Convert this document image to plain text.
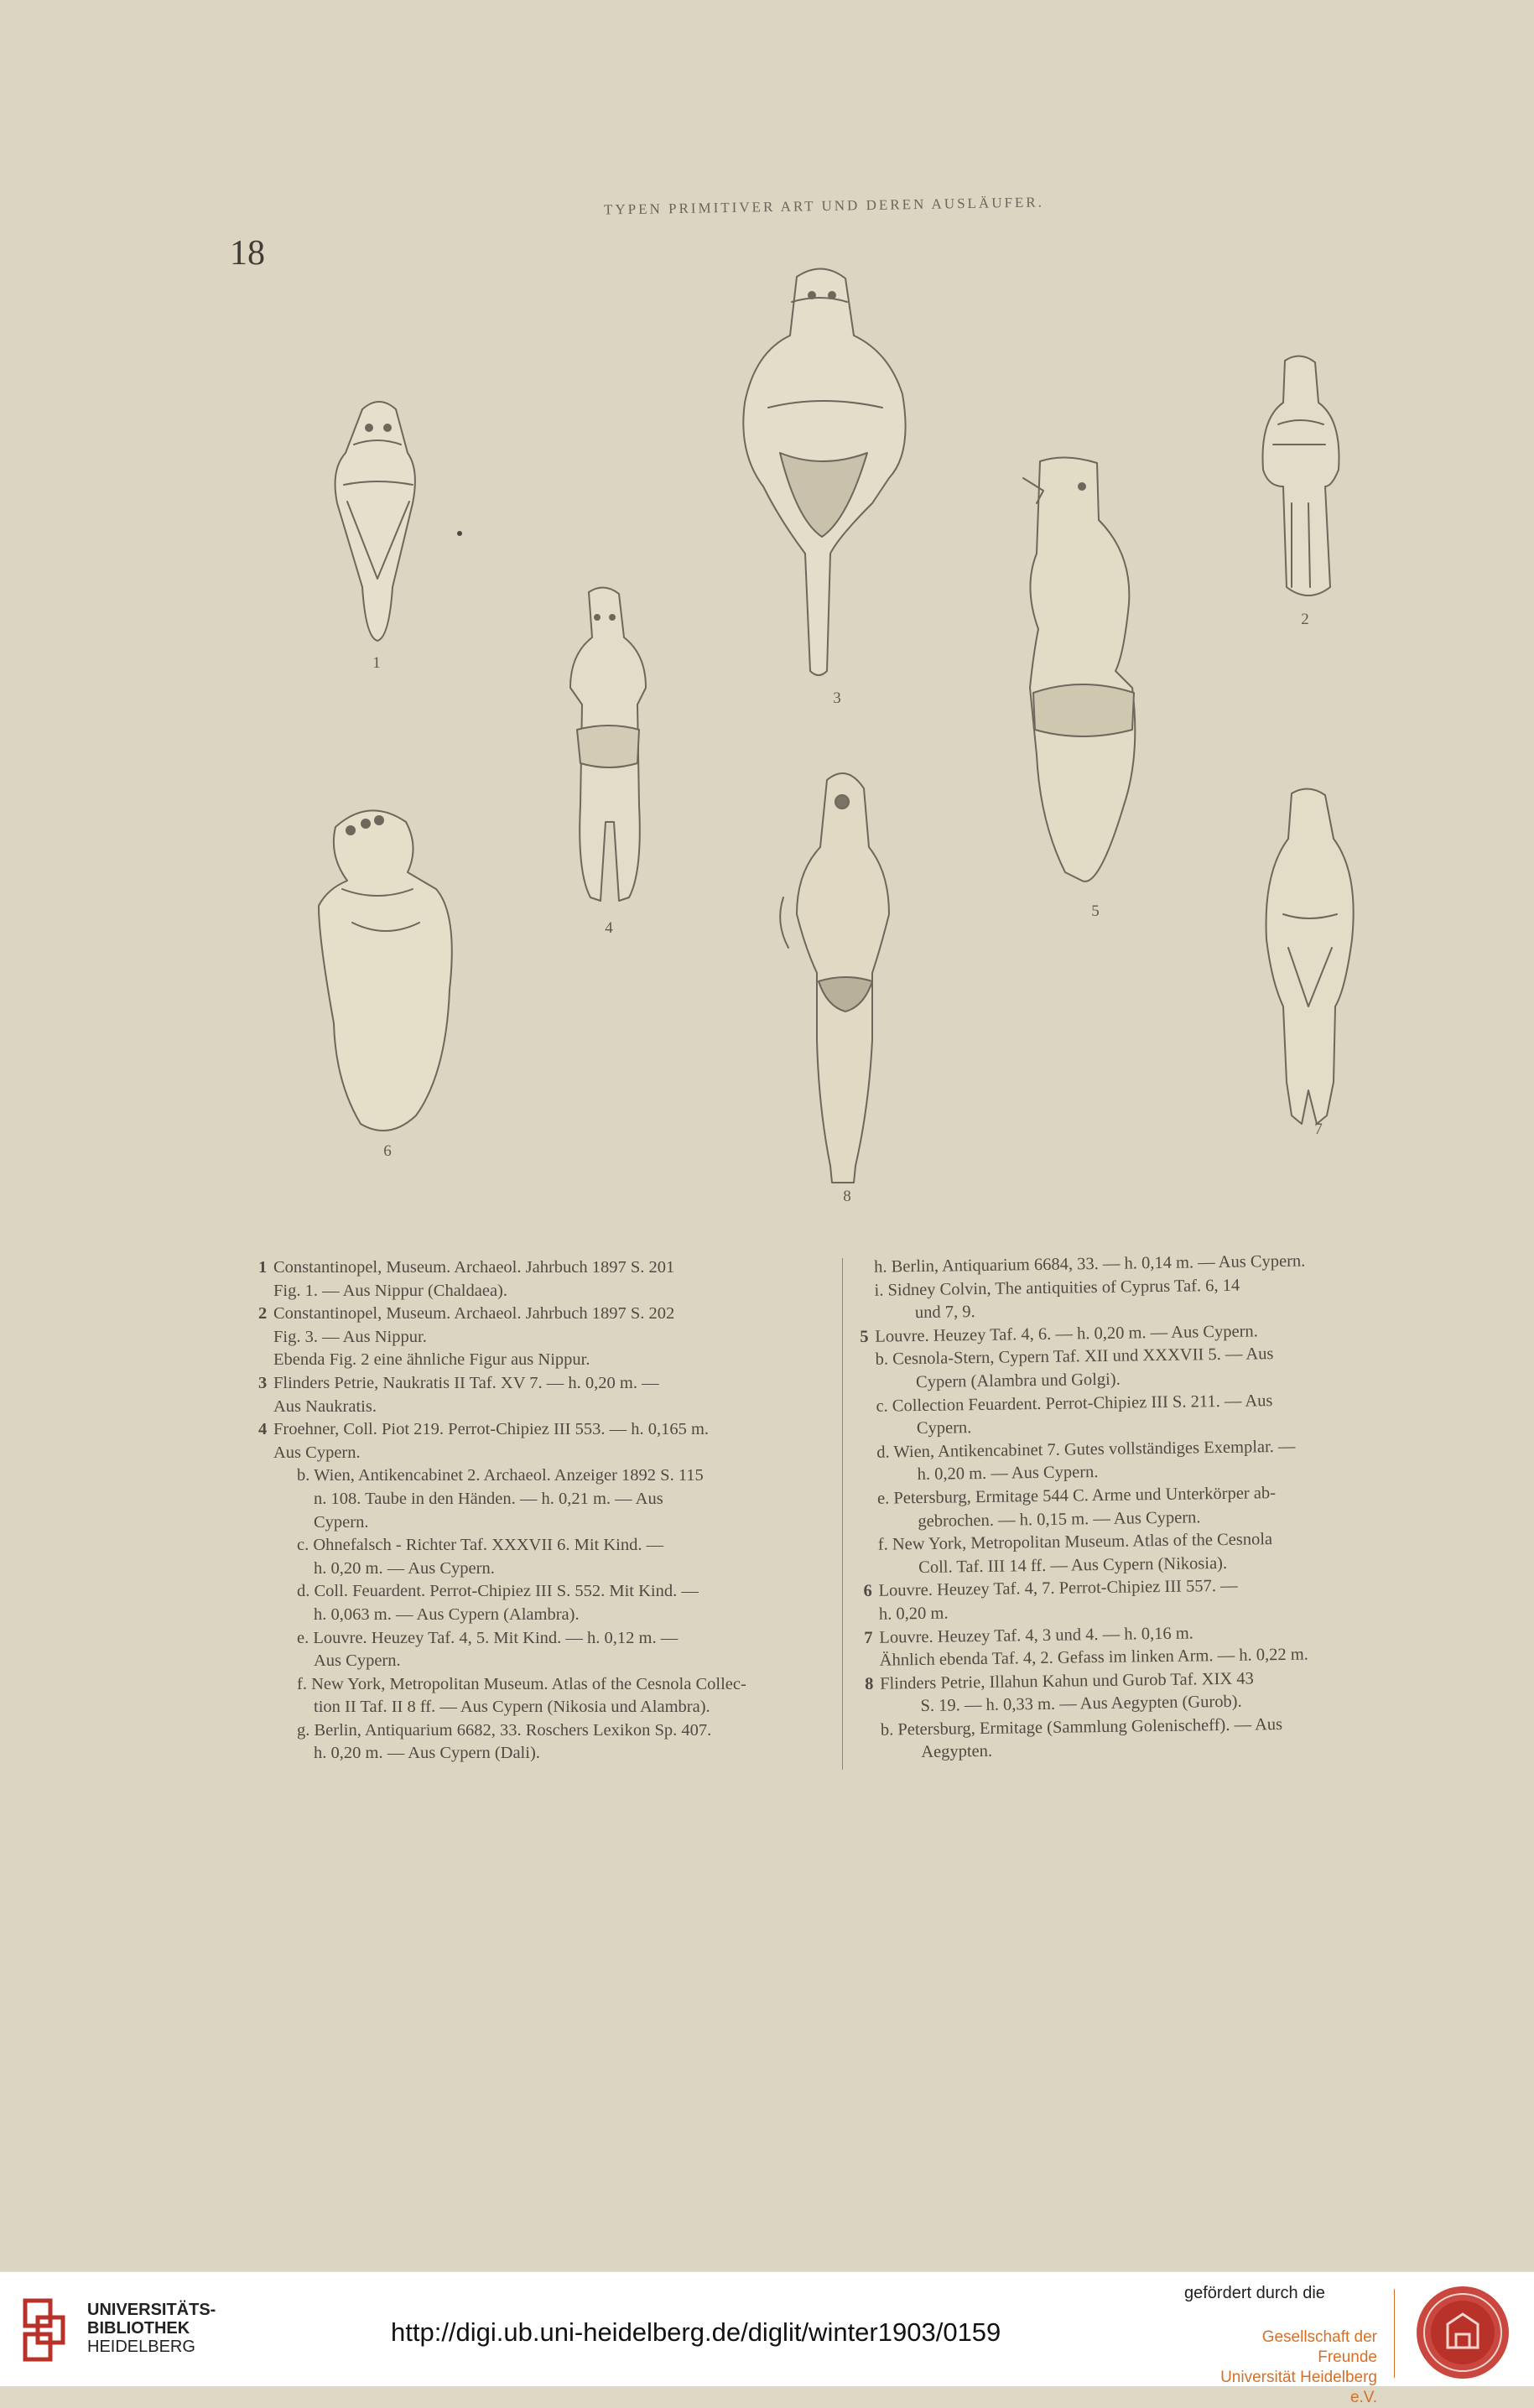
TYPEN PRIMITIVER ART UND DEREN AUSLÄUFER.
18
1
2
3
4
5
6
7
8
1 Constantinopel, Museum. Archaeol. Jahrbuch 1897 S. 201
Fig. 1. — Aus Nippur (Chaldaea).
2 Constantinopel, Museum. Archaeol. Jahrbuch 1897 S. 202
Fig. 3. — Aus Nippur.
Ebenda Fig. 2 eine ähnliche Figur aus Nippur.
3 Flinders Petrie, Naukratis II Taf. XV 7. — h. 0,20 m. —
Aus Naukratis.
4 Froehner, Coll. Piot 219. Perrot-Chipiez III 553. — h. 0,165 m.
Aus Cypern.
b. Wien, Antikencabinet 2. Archaeol. Anzeiger 1892 S. 115
n. 108. Taube in den Händen. — h. 0,21 m. — Aus
Cypern.
c. Ohnefalsch - Richter Taf. XXXVII 6. Mit Kind. —
h. 0,20 m. — Aus Cypern.
d. Coll. Feuardent. Perrot-Chipiez III S. 552. Mit Kind. —
h. 0,063 m. — Aus Cypern (Alambra).
e. Louvre. Heuzey Taf. 4, 5. Mit Kind. — h. 0,12 m. —
Aus Cypern.
f. New York, Metropolitan Museum. Atlas of the Cesnola Collec-
tion II Taf. II 8 ff. — Aus Cypern (Nikosia und Alambra).
g. Berlin, Antiquarium 6682, 33. Roschers Lexikon Sp. 407.
h. 0,20 m. — Aus Cypern (Dali).
h. Berlin, Antiquarium 6684, 33. — h. 0,14 m. — Aus Cypern.
i. Sidney Colvin, The antiquities of Cyprus Taf. 6, 14
und 7, 9.
5 Louvre. Heuzey Taf. 4, 6. — h. 0,20 m. — Aus Cypern.
b. Cesnola-Stern, Cypern Taf. XII und XXXVII 5. — Aus
Cypern (Alambra und Golgi).
c. Collection Feuardent. Perrot-Chipiez III S. 211. — Aus
Cypern.
d. Wien, Antikencabinet 7. Gutes vollständiges Exemplar. —
h. 0,20 m. — Aus Cypern.
e. Petersburg, Ermitage 544 C. Arme und Unterkörper ab-
gebrochen. — h. 0,15 m. — Aus Cypern.
f. New York, Metropolitan Museum. Atlas of the Cesnola
Coll. Taf. III 14 ff. — Aus Cypern (Nikosia).
6 Louvre. Heuzey Taf. 4, 7. Perrot-Chipiez III 557. —
h. 0,20 m.
7 Louvre. Heuzey Taf. 4, 3 und 4. — h. 0,16 m.
Ähnlich ebenda Taf. 4, 2. Gefass im linken Arm. — h. 0,22 m.
8 Flinders Petrie, Illahun Kahun und Gurob Taf. XIX 43
S. 19. — h. 0,33 m. — Aus Aegypten (Gurob).
b. Petersburg, Ermitage (Sammlung Golenischeff). — Aus
Aegypten.
UNIVERSITÄTS-
BIBLIOTHEK
HEIDELBERG	http://digi.ub.uni-heidelberg.de/diglit/winter1903/0159
gefördert durch die
Gesellschaft der Freunde
Universität Heidelberg e.V.
